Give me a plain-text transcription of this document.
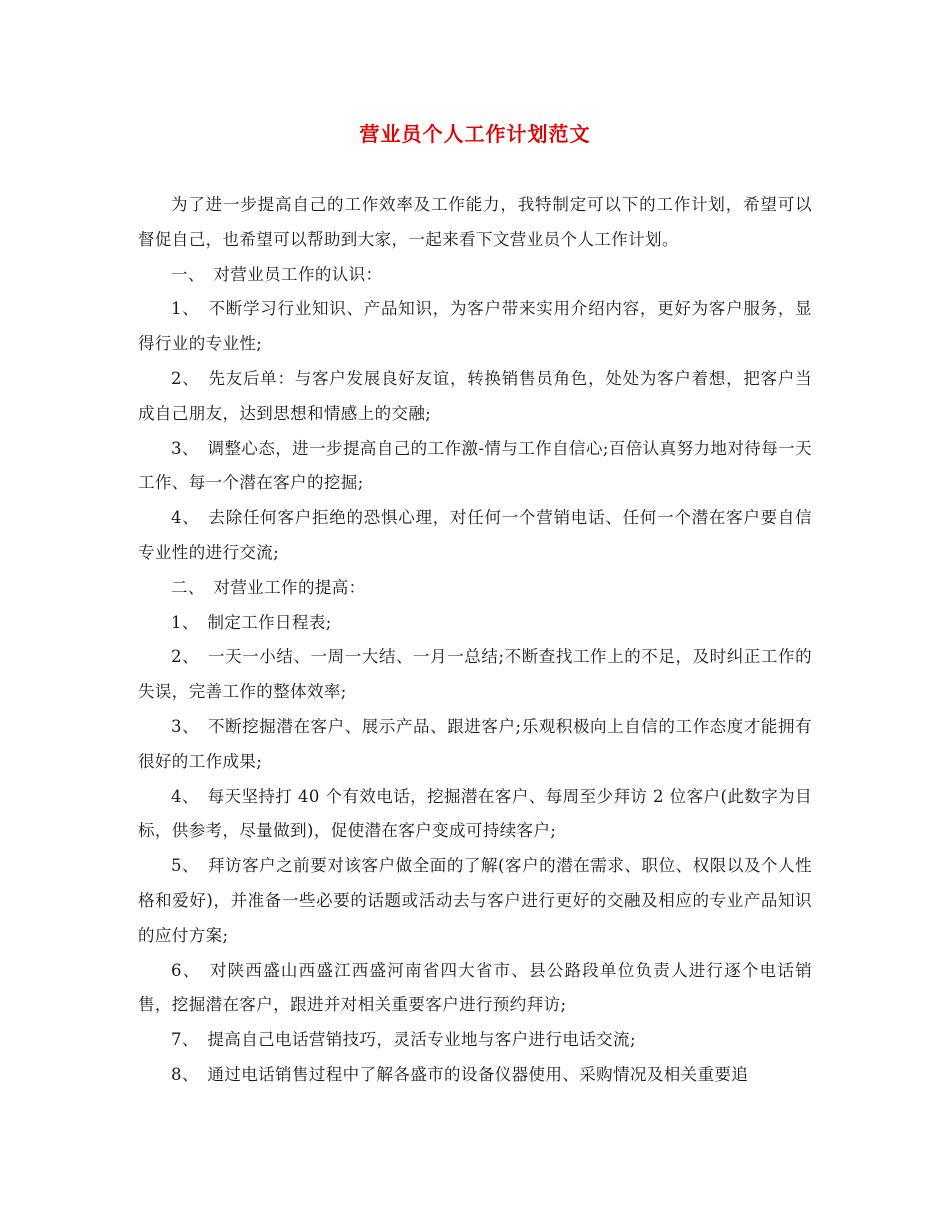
营业员个人工作计划范文

为了进一步提高自己的工作效率及工作能力，我特制定可以下的工作计划，希望可以督促自己，也希望可以帮助到大家，一起来看下文营业员个人工作计划。

一、　对营业员工作的认识：

1、　不断学习行业知识、产品知识，为客户带来实用介绍内容，更好为客户服务，显得行业的专业性;

2、　先友后单：与客户发展良好友谊，转换销售员角色，处处为客户着想，把客户当成自己朋友，达到思想和情感上的交融;

3、　调整心态，进一步提高自己的工作激-情与工作自信心;百倍认真努力地对待每一天工作、每一个潜在客户的挖掘;

4、　去除任何客户拒绝的恐惧心理，对任何一个营销电话、任何一个潜在客户要自信专业性的进行交流;

二、　对营业工作的提高：

1、　制定工作日程表;

2、　一天一小结、一周一大结、一月一总结;不断查找工作上的不足，及时纠正工作的失误，完善工作的整体效率;

3、　不断挖掘潜在客户、展示产品、跟进客户;乐观积极向上自信的工作态度才能拥有很好的工作成果;

4、　每天坚持打 40 个有效电话，挖掘潜在客户、每周至少拜访 2 位客户(此数字为目标，供参考，尽量做到)，促使潜在客户变成可持续客户;

5、　拜访客户之前要对该客户做全面的了解(客户的潜在需求、职位、权限以及个人性格和爱好)，并准备一些必要的话题或活动去与客户进行更好的交融及相应的专业产品知识的应付方案;

6、　对陕西盛山西盛江西盛河南省四大省市、县公路段单位负责人进行逐个电话销售，挖掘潜在客户，跟进并对相关重要客户进行预约拜访;

7、　提高自己电话营销技巧，灵活专业地与客户进行电话交流;

8、　通过电话销售过程中了解各盛市的设备仪器使用、采购情况及相关重要追
